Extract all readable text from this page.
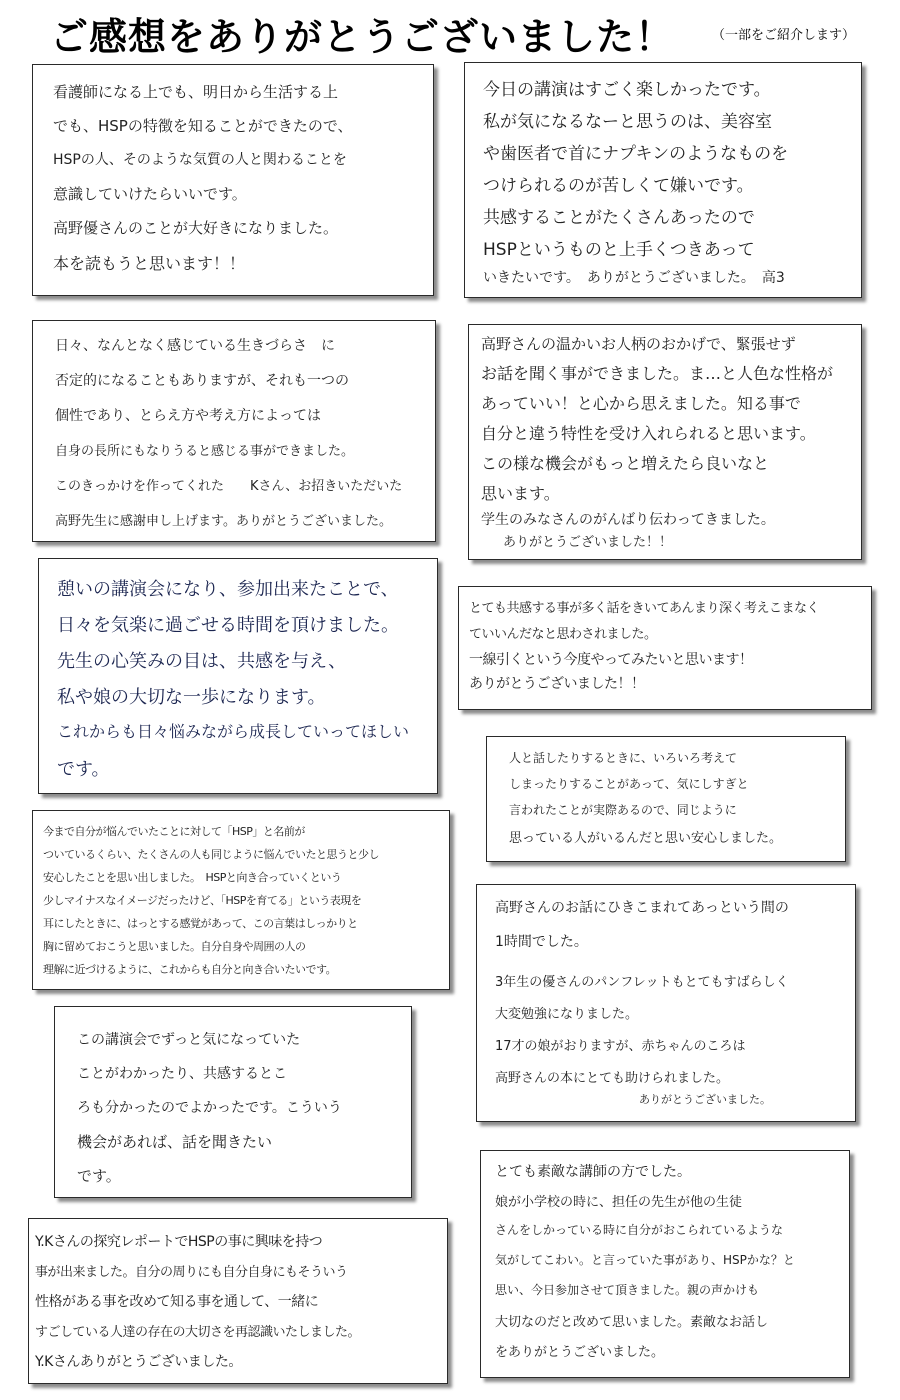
ご感想をありがとうございました！	（一部をご紹介します）
看護師になる上でも、明日から生活する上
でも、HSPの特徴を知ることができたので、
HSPの人、そのような気質の人と関わることを
意識していけたらいいです。
高野優さんのことが大好きになりました。
本を読もうと思います！！
今日の講演はすごく楽しかったです。
私が気になるなーと思うのは、美容室
や歯医者で首にナプキンのようなものを
つけられるのが苦しくて嫌いです。
共感することがたくさんあったので
HSPというものと上手くつきあって
いきたいです。　ありがとうございました。　高3
日々、なんとなく感じている生きづらさ　に
否定的になることもありますが、それも一つの
個性であり、とらえ方や考え方によっては
自身の長所にもなりうると感じる事ができました。
このきっかけを作ってくれた　　Kさん、お招きいただいた
高野先生に感謝申し上げます。ありがとうございました。
高野さんの温かいお人柄のおかげで、緊張せず
お話を聞く事ができました。ま…と人色な性格が
あっていい！と心から思えました。知る事で
自分と違う特性を受け入れられると思います。
この様な機会がもっと増えたら良いなと
思います。
学生のみなさんのがんばり伝わってきました。
ありがとうございました！！
憩いの講演会になり、参加出来たことで、
日々を気楽に過ごせる時間を頂けました。
先生の心笑みの目は、共感を与え、
私や娘の大切な一歩になります。
これからも日々悩みながら成長していってほしい
です。
とても共感する事が多く話をきいてあんまり深く考えこまなく
ていいんだなと思わされました。
一線引くという今度やってみたいと思います！
ありがとうございました！！
今まで自分が悩んでいたことに対して「HSP」と名前が
ついているくらい、たくさんの人も同じように悩んでいたと思うと少し
安心したことを思い出しました。　HSPと向き合っていくという
少しマイナスなイメージだったけど、「HSPを育てる」という表現を
耳にしたときに、はっとする感覚があって、この言葉はしっかりと
胸に留めておこうと思いました。自分自身や周囲の人の
理解に近づけるように、これからも自分と向き合いたいです。
人と話したりするときに、いろいろ考えて
しまったりすることがあって、気にしすぎと
言われたことが実際あるので、同じように
思っている人がいるんだと思い安心しました。
この講演会でずっと気になっていた
ことがわかったり、共感するとこ
ろも分かったのでよかったです。こういう
機会があれば、話を聞きたい
です。
高野さんのお話にひきこまれてあっという間の
1時間でした。
3年生の優さんのパンフレットもとてもすばらしく
大変勉強になりました。
17才の娘がおりますが、赤ちゃんのころは
高野さんの本にとても助けられました。
ありがとうございました。
Y.Kさんの探究レポートでHSPの事に興味を持つ
事が出来ました。自分の周りにも自分自身にもそういう
性格がある事を改めて知る事を通して、一緒に
すごしている人達の存在の大切さを再認識いたしました。
Y.Kさんありがとうございました。
とても素敵な講師の方でした。
娘が小学校の時に、担任の先生が他の生徒
さんをしかっている時に自分がおこられているような
気がしてこわい。と言っていた事があり、HSPかな？と
思い、今日参加させて頂きました。親の声かけも
大切なのだと改めて思いました。素敵なお話し
をありがとうございました。
